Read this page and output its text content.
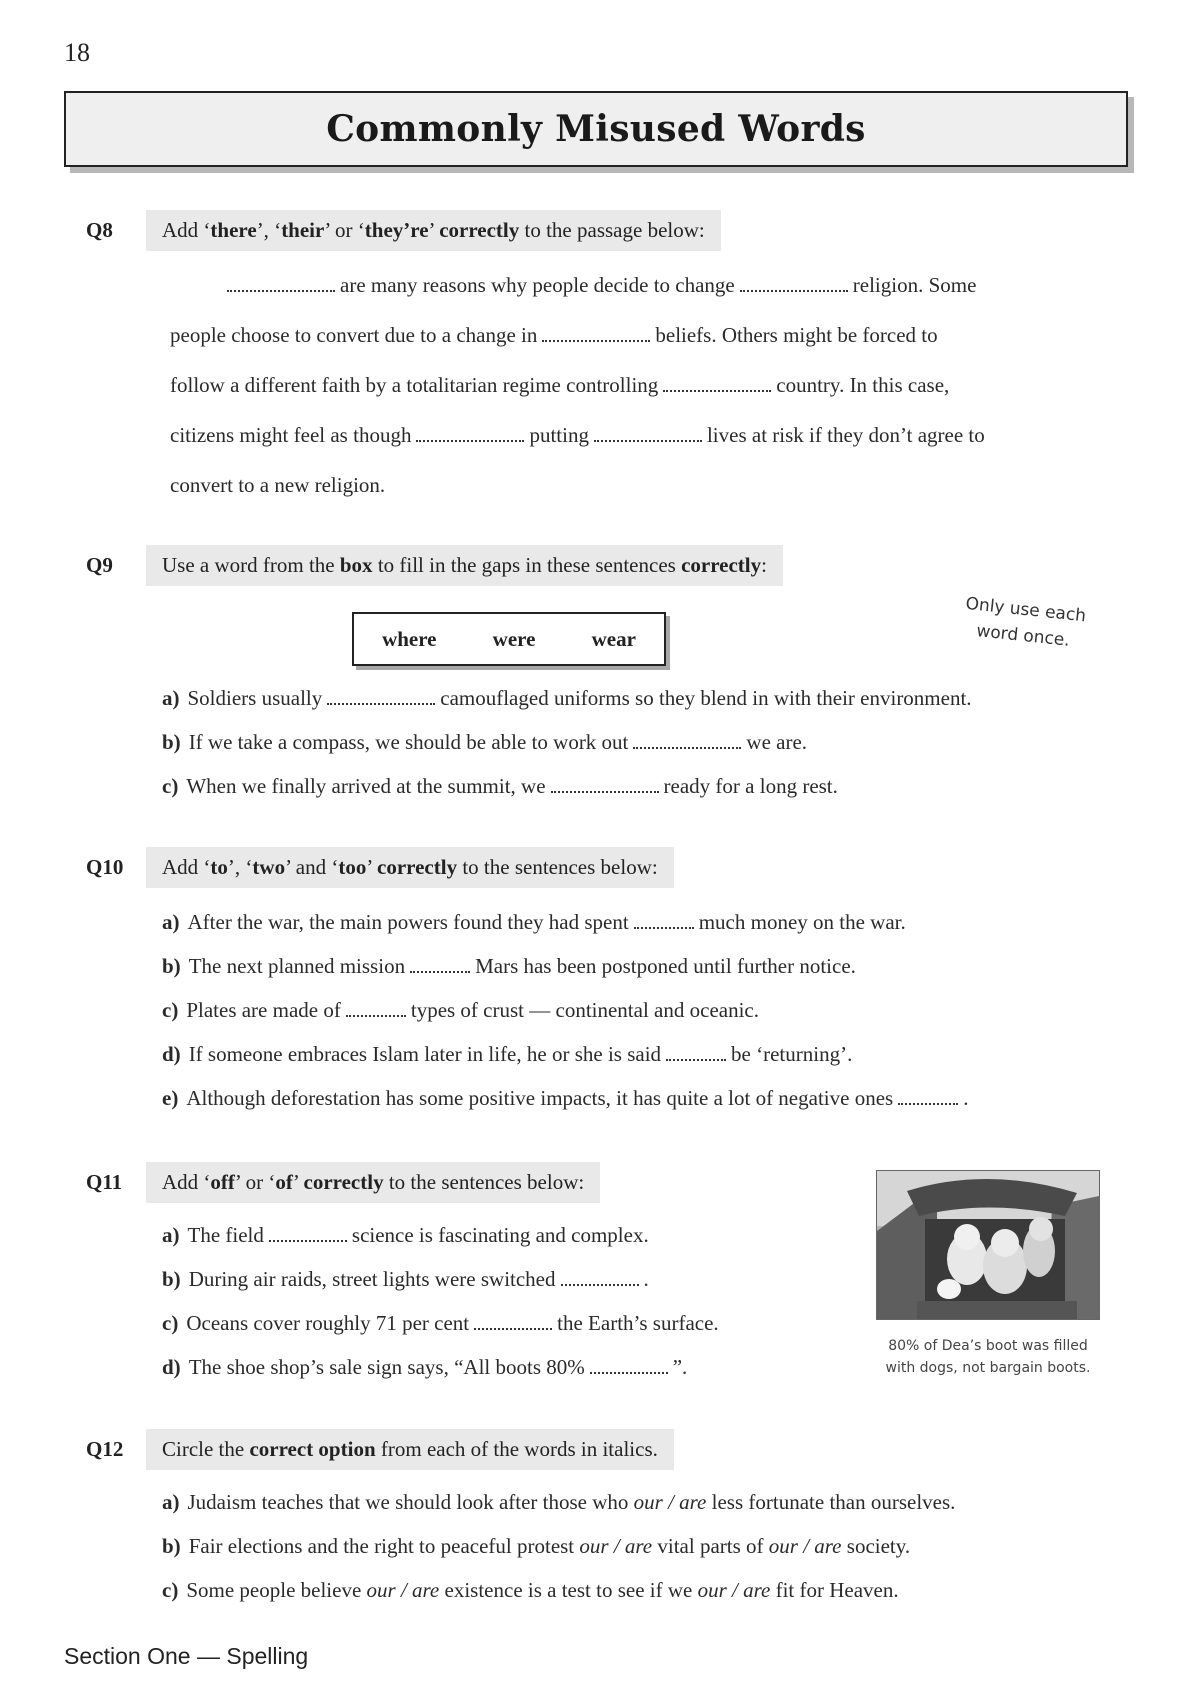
18
Commonly Misused Words
Q8	Add ‘there’, ‘their’ or ‘they’re’ correctly to the passage below:

are many reasons why people decide to change	religion. Some

people choose to convert due to a change in	beliefs. Others might be forced to

follow a different faith by a totalitarian regime controlling	country. In this case,

citizens might feel as though	putting	lives at risk if they don’t agree to

convert to a new religion.

Q9	Use a word from the box to fill in the gaps in these sentences correctly:
where	were	wear
Only use each
word once.
a) Soldiers usually	camouflaged uniforms so they blend in with their environment.
b) If we take a compass, we should be able to work out	we are.
c) When we finally arrived at the summit, we	ready for a long rest.
Q10	Add ‘to’, ‘two’ and ‘too’ correctly to the sentences below:
a) After the war, the main powers found they had spent	much money on the war.
b) The next planned mission	Mars has been postponed until further notice.
c) Plates are made of	types of crust — continental and oceanic.
d) If someone embraces Islam later in life, he or she is said	be ‘returning’.
e) Although deforestation has some positive impacts, it has quite a lot of negative ones	.
Q11	Add ‘off’ or ‘of’ correctly to the sentences below:
a) The field	science is fascinating and complex.
b) During air raids, street lights were switched	.
c) Oceans cover roughly 71 per cent	the Earth’s surface.
d) The shoe shop’s sale sign says, “All boots 80%	”.
80% of Dea’s boot was filled
with dogs, not bargain boots.
Q12	Circle the correct option from each of the words in italics.
a) Judaism teaches that we should look after those who our / are less fortunate than ourselves.
b) Fair elections and the right to peaceful protest our / are vital parts of our / are society.
c) Some people believe our / are existence is a test to see if we our / are fit for Heaven.
Section One — Spelling
